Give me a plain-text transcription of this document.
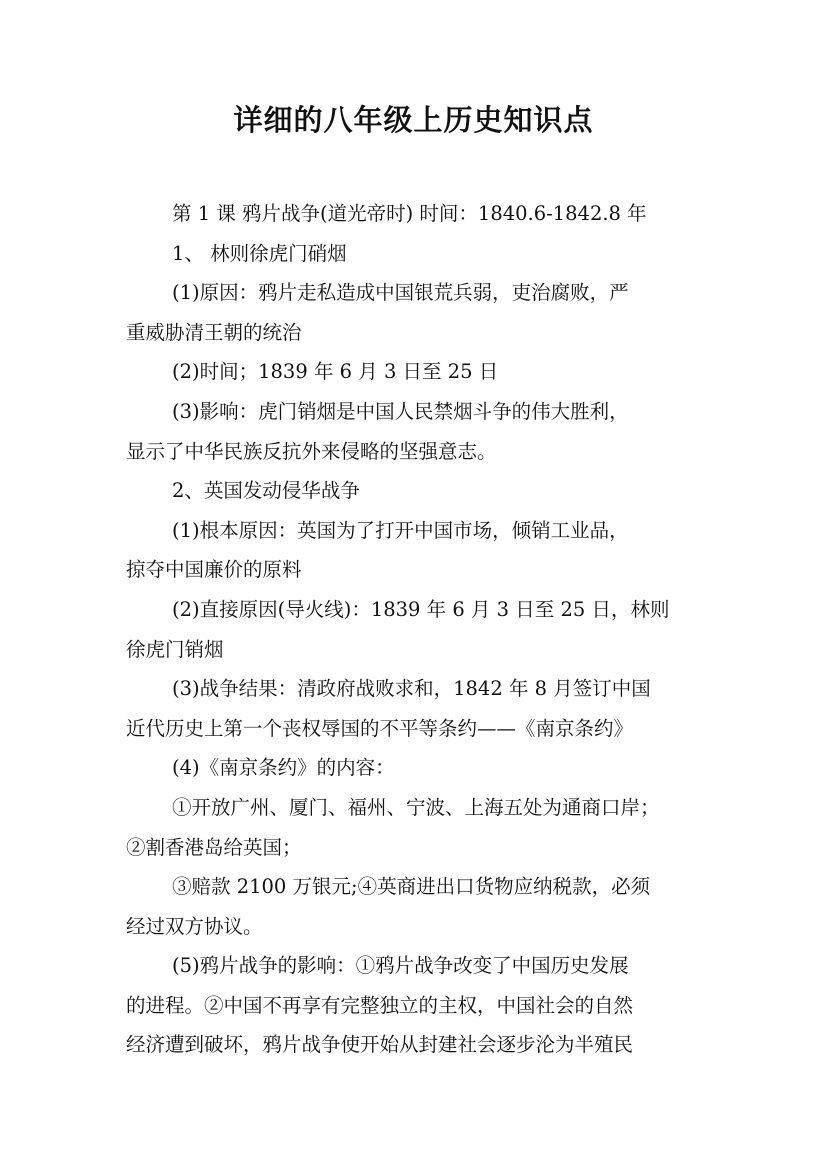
详细的八年级上历史知识点
第 1 课 鸦片战争(道光帝时) 时间：1840.6-1842.8 年
1、 林则徐虎门硝烟
(1)原因：鸦片走私造成中国银荒兵弱，吏治腐败，严
重威胁清王朝的统治
(2)时间；1839 年 6 月 3 日至 25 日
(3)影响：虎门销烟是中国人民禁烟斗争的伟大胜利，
显示了中华民族反抗外来侵略的坚强意志。
2、英国发动侵华战争
(1)根本原因：英国为了打开中国市场，倾销工业品，
掠夺中国廉价的原料
(2)直接原因(导火线)：1839 年 6 月 3 日至 25 日，林则
徐虎门销烟
(3)战争结果：清政府战败求和，1842 年 8 月签订中国
近代历史上第一个丧权辱国的不平等条约——《南京条约》
(4)《南京条约》的内容：
①开放广州、厦门、福州、宁波、上海五处为通商口岸；
②割香港岛给英国；
③赔款 2100 万银元;④英商进出口货物应纳税款，必须
经过双方协议。
(5)鸦片战争的影响：①鸦片战争改变了中国历史发展
的进程。②中国不再享有完整独立的主权，中国社会的自然
经济遭到破坏，鸦片战争使开始从封建社会逐步沦为半殖民
